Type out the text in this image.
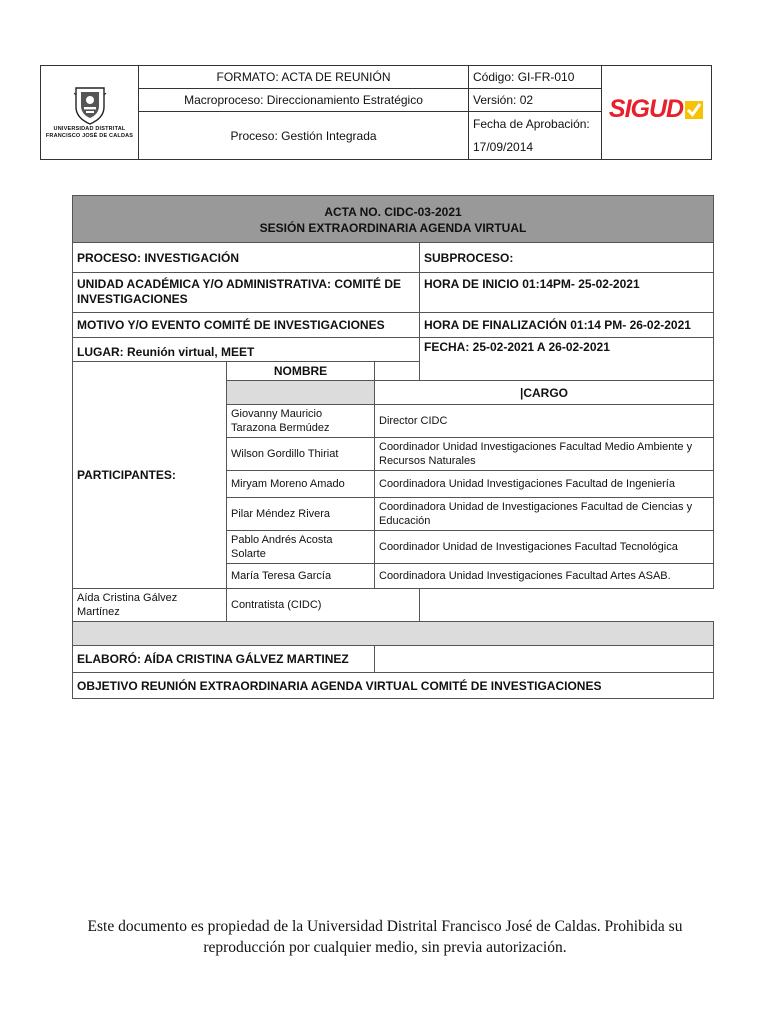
UNIVERSIDAD DISTRITAL
FRANCISCO JOSÉ DE CALDAS	FORMATO: ACTA DE REUNIÓN	Código: GI-FR-010	SIGUD

	Macroproceso: Direccionamiento Estratégico	Versión: 02	
	Proceso: Gestión Integrada	Fecha de Aprobación:
17/09/2014	
ACTA NO. CIDC-03-2021
SESIÓN EXTRAORDINARIA AGENDA VIRTUAL			

PROCESO: INVESTIGACIÓN			SUBPROCESO:
UNIDAD ACADÉMICA Y/O ADMINISTRATIVA: COMITÉ DE INVESTIGACIONES			HORA DE INICIO 01:14PM- 25-02-2021
MOTIVO Y/O EVENTO COMITÉ DE INVESTIGACIONES			HORA DE FINALIZACIÓN 01:14 PM- 26-02-2021
LUGAR: Reunión virtual, MEET			FECHA: 25-02-2021 A 26-02-2021
PARTICIPANTES:	NOMBRE		
		|CARGO	
	Giovanny Mauricio Tarazona Bermúdez	Director CIDC	
	Wilson Gordillo Thiriat	Coordinador Unidad Investigaciones Facultad Medio Ambiente y Recursos Naturales	
	Miryam Moreno Amado	Coordinadora Unidad Investigaciones Facultad de Ingeniería	
	Pilar Méndez Rivera	Coordinadora Unidad de Investigaciones Facultad de Ciencias y Educación	
	Pablo Andrés Acosta Solarte	Coordinador Unidad de Investigaciones Facultad Tecnológica	
	María Teresa García	Coordinadora Unidad Investigaciones Facultad Artes ASAB.	
Aída Cristina Gálvez Martínez	Contratista (CIDC)		

ELABORÓ: AÍDA CRISTINA GÁLVEZ MARTINEZ			
OBJETIVO REUNIÓN EXTRAORDINARIA AGENDA VIRTUAL COMITÉ DE INVESTIGACIONES			
Este documento es propiedad de la Universidad Distrital Francisco José de Caldas. Prohibida su
reproducción por cualquier medio, sin previa autorización.
